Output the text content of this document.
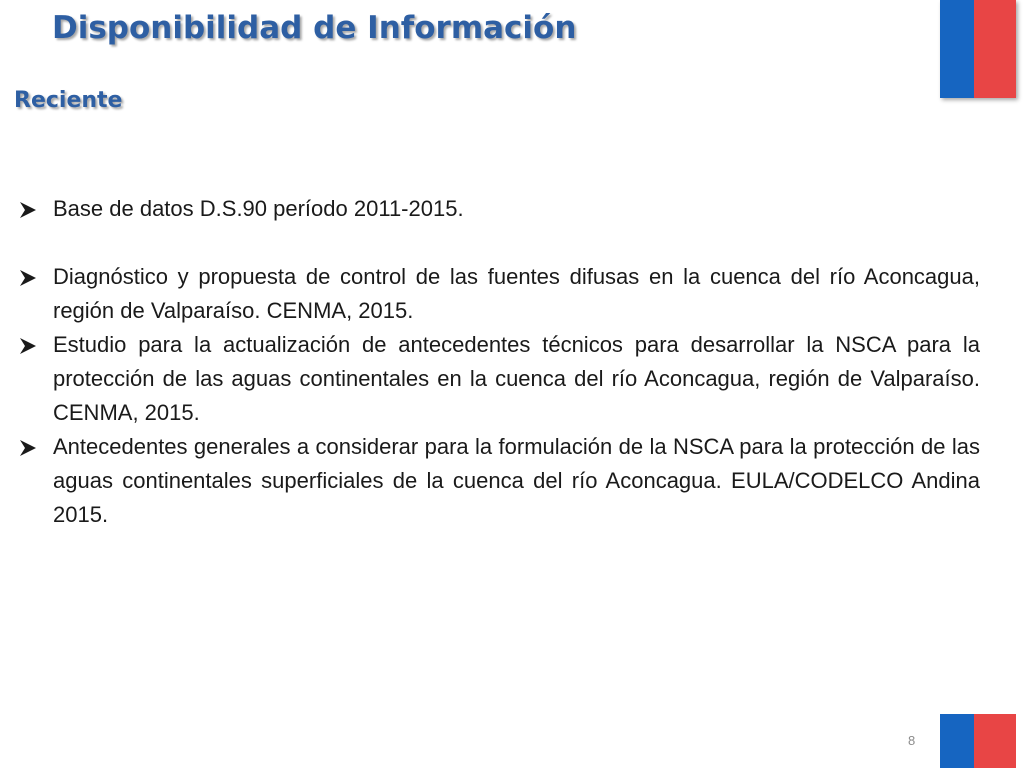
Disponibilidad de Información
Reciente
Base de datos D.S.90 período 2011-2015.
Diagnóstico y propuesta de control de las fuentes difusas en la cuenca del río Aconcagua, región de Valparaíso. CENMA, 2015.
Estudio para la actualización de antecedentes técnicos para desarrollar la NSCA para la protección de las aguas continentales en la cuenca del río Aconcagua, región de Valparaíso. CENMA, 2015.
Antecedentes generales a considerar para la formulación de la NSCA para la protección de las aguas continentales superficiales de la cuenca del río Aconcagua. EULA/CODELCO Andina 2015.
8
